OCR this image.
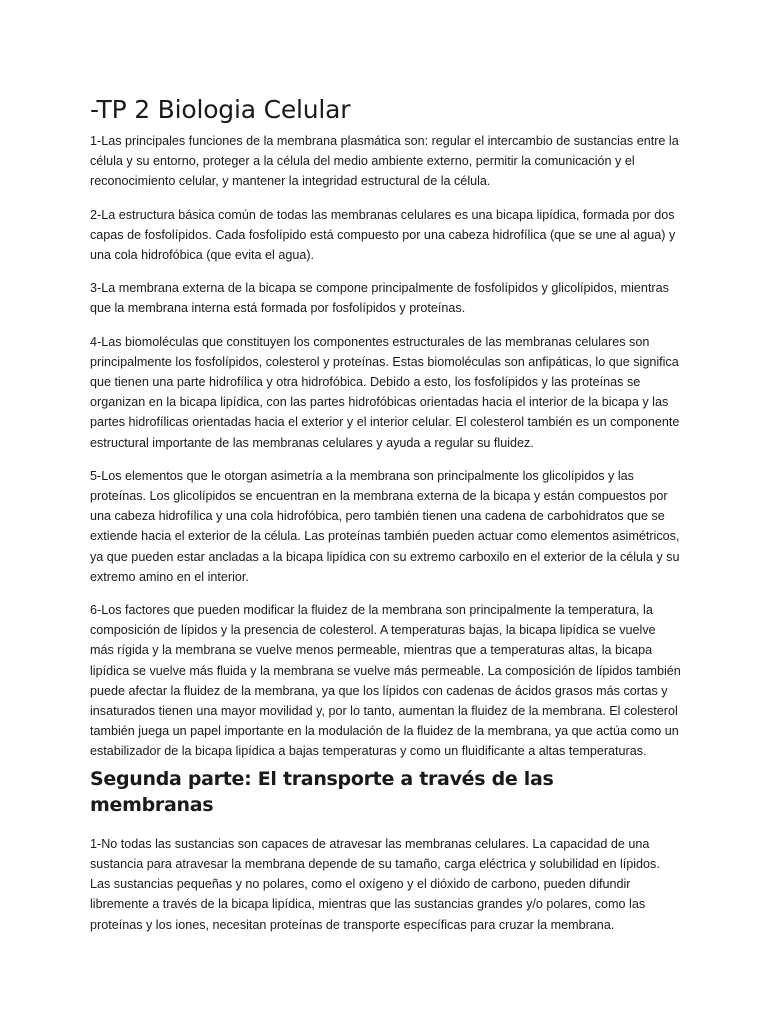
-TP 2 Biologia Celular

1-Las principales funciones de la membrana plasmática son: regular el intercambio de sustancias entre la célula y su entorno, proteger a la célula del medio ambiente externo, permitir la comunicación y el reconocimiento celular, y mantener la integridad estructural de la célula.

2-La estructura básica común de todas las membranas celulares es una bicapa lipídica, formada por dos capas de fosfolípidos. Cada fosfolípido está compuesto por una cabeza hidrofílica (que se une al agua) y una cola hidrofóbica (que evita el agua).

3-La membrana externa de la bicapa se compone principalmente de fosfolípidos y glicolípidos, mientras que la membrana interna está formada por fosfolípidos y proteínas.

4-Las biomoléculas que constituyen los componentes estructurales de las membranas celulares son principalmente los fosfolípidos, colesterol y proteínas. Estas biomoléculas son anfipáticas, lo que significa que tienen una parte hidrofílica y otra hidrofóbica. Debido a esto, los fosfolípidos y las proteínas se organizan en la bicapa lipídica, con las partes hidrofóbicas orientadas hacia el interior de la bicapa y las partes hidrofílicas orientadas hacia el exterior y el interior celular. El colesterol también es un componente estructural importante de las membranas celulares y ayuda a regular su fluidez.

5-Los elementos que le otorgan asimetría a la membrana son principalmente los glicolípidos y las proteínas. Los glicolípidos se encuentran en la membrana externa de la bicapa y están compuestos por una cabeza hidrofílica y una cola hidrofóbica, pero también tienen una cadena de carbohidratos que se extiende hacia el exterior de la célula. Las proteínas también pueden actuar como elementos asimétricos, ya que pueden estar ancladas a la bicapa lipídica con su extremo carboxilo en el exterior de la célula y su extremo amino en el interior.

6-Los factores que pueden modificar la fluidez de la membrana son principalmente la temperatura, la composición de lípidos y la presencia de colesterol. A temperaturas bajas, la bicapa lipídica se vuelve más rígida y la membrana se vuelve menos permeable, mientras que a temperaturas altas, la bicapa lipídica se vuelve más fluida y la membrana se vuelve más permeable. La composición de lípidos también puede afectar la fluidez de la membrana, ya que los lípidos con cadenas de ácidos grasos más cortas y insaturados tienen una mayor movilidad y, por lo tanto, aumentan la fluidez de la membrana. El colesterol también juega un papel importante en la modulación de la fluidez de la membrana, ya que actúa como un estabilizador de la bicapa lipídica a bajas temperaturas y como un fluidificante a altas temperaturas.

Segunda parte: El transporte a través de las membranas

1-No todas las sustancias son capaces de atravesar las membranas celulares. La capacidad de una sustancia para atravesar la membrana depende de su tamaño, carga eléctrica y solubilidad en lípidos. Las sustancias pequeñas y no polares, como el oxígeno y el dióxido de carbono, pueden difundir libremente a través de la bicapa lipídica, mientras que las sustancias grandes y/o polares, como las proteínas y los iones, necesitan proteínas de transporte específicas para cruzar la membrana.
